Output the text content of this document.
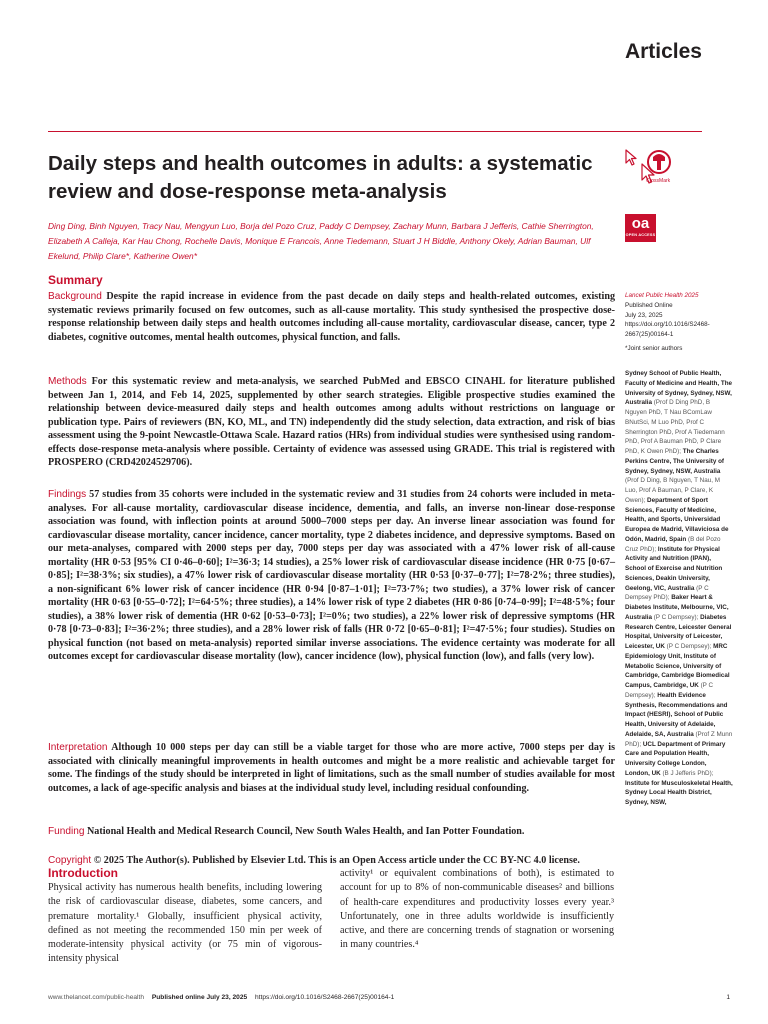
Articles
Daily steps and health outcomes in adults: a systematic review and dose-response meta-analysis
Ding Ding, Binh Nguyen, Tracy Nau, Mengyun Luo, Borja del Pozo Cruz, Paddy C Dempsey, Zachary Munn, Barbara J Jefferis, Cathie Sherrington, Elizabeth A Calleja, Kar Hau Chong, Rochelle Davis, Monique E Francois, Anne Tiedemann, Stuart J H Biddle, Anthony Okely, Adrian Bauman, Ulf Ekelund, Philip Clare*, Katherine Owen*
CrossMark
oa
OPEN ACCESS
Summary

Background Despite the rapid increase in evidence from the past decade on daily steps and health-related outcomes, existing systematic reviews primarily focused on few outcomes, such as all-cause mortality. This study synthesised the prospective dose-response relationship between daily steps and health outcomes including all-cause mortality, cardiovascular disease, cancer, type 2 diabetes, cognitive outcomes, mental health outcomes, physical function, and falls.

Methods For this systematic review and meta-analysis, we searched PubMed and EBSCO CINAHL for literature published between Jan 1, 2014, and Feb 14, 2025, supplemented by other search strategies. Eligible prospective studies examined the relationship between device-measured daily steps and health outcomes among adults without restrictions on language or publication type. Pairs of reviewers (BN, KO, ML, and TN) independently did the study selection, data extraction, and risk of bias assessment using the 9-point Newcastle-Ottawa Scale. Hazard ratios (HRs) from individual studies were synthesised using random-effects dose-response meta-analysis where possible. Certainty of evidence was assessed using GRADE. This trial is registered with PROSPERO (CRD42024529706).

Findings 57 studies from 35 cohorts were included in the systematic review and 31 studies from 24 cohorts were included in meta-analyses. For all-cause mortality, cardiovascular disease incidence, dementia, and falls, an inverse non-linear dose-response association was found, with inflection points at around 5000–7000 steps per day. An inverse linear association was found for cardiovascular disease mortality, cancer incidence, cancer mortality, type 2 diabetes incidence, and depressive symptoms. Based on our meta-analyses, compared with 2000 steps per day, 7000 steps per day was associated with a 47% lower risk of all-cause mortality (HR 0·53 [95% CI 0·46–0·60]; I²=36·3; 14 studies), a 25% lower risk of cardiovascular disease incidence (HR 0·75 [0·67–0·85]; I²=38·3%; six studies), a 47% lower risk of cardiovascular disease mortality (HR 0·53 [0·37–0·77]; I²=78·2%; three studies), a non-significant 6% lower risk of cancer incidence (HR 0·94 [0·87–1·01]; I²=73·7%; two studies), a 37% lower risk of cancer mortality (HR 0·63 [0·55–0·72]; I²=64·5%; three studies), a 14% lower risk of type 2 diabetes (HR 0·86 [0·74–0·99]; I²=48·5%; four studies), a 38% lower risk of dementia (HR 0·62 [0·53–0·73]; I²=0%; two studies), a 22% lower risk of depressive symptoms (HR 0·78 [0·73–0·83]; I²=36·2%; three studies), and a 28% lower risk of falls (HR 0·72 [0·65–0·81]; I²=47·5%; four studies). Studies on physical function (not based on meta-analysis) reported similar inverse associations. The evidence certainty was moderate for all outcomes except for cardiovascular disease mortality (low), cancer incidence (low), physical function (low), and falls (very low).

Interpretation Although 10 000 steps per day can still be a viable target for those who are more active, 7000 steps per day is associated with clinically meaningful improvements in health outcomes and might be a more realistic and achievable target for some. The findings of the study should be interpreted in light of limitations, such as the small number of studies available for most outcomes, a lack of age-specific analysis and biases at the individual study level, including residual confounding.

Funding National Health and Medical Research Council, New South Wales Health, and Ian Potter Foundation.

Copyright © 2025 The Author(s). Published by Elsevier Ltd. This is an Open Access article under the CC BY-NC 4.0 license.

Introduction

Physical activity has numerous health benefits, including lowering the risk of cardiovascular disease, diabetes, some cancers, and premature mortality.¹ Globally, insufficient physical activity, defined as not meeting the recommended 150 min per week of moderate-intensity physical activity (or 75 min of vigorous-intensity physical

activity¹ or equivalent combinations of both), is estimated to account for up to 8% of non-communicable diseases² and billions of health-care expenditures and productivity losses every year.³ Unfortunately, one in three adults worldwide is insufficiently active, and there are concerning trends of stagnation or worsening in many countries.⁴

Lancet Public Health 2025
Published Online
July 23, 2025
https://doi.org/10.1016/S2468-2667(25)00164-1
*Joint senior authors
Sydney School of Public Health, Faculty of Medicine and Health, The University of Sydney, Sydney, NSW, Australia (Prof D Ding PhD, B Nguyen PhD, T Nau BComLaw BNutSci, M Luo PhD, Prof C Sherrington PhD, Prof A Tiedemann PhD, Prof A Bauman PhD, P Clare PhD, K Owen PhD); The Charles Perkins Centre, The University of Sydney, Sydney, NSW, Australia (Prof D Ding, B Nguyen, T Nau, M Luo, Prof A Bauman, P Clare, K Owen); Department of Sport Sciences, Faculty of Medicine, Health, and Sports, Universidad Europea de Madrid, Villaviciosa de Odón, Madrid, Spain (B del Pozo Cruz PhD); Institute for Physical Activity and Nutrition (IPAN), School of Exercise and Nutrition Sciences, Deakin University, Geelong, VIC, Australia (P C Dempsey PhD); Baker Heart & Diabetes Institute, Melbourne, VIC, Australia (P C Dempsey); Diabetes Research Centre, Leicester General Hospital, University of Leicester, Leicester, UK (P C Dempsey); MRC Epidemiology Unit, Institute of Metabolic Science, University of Cambridge, Cambridge Biomedical Campus, Cambridge, UK (P C Dempsey); Health Evidence Synthesis, Recommendations and Impact (HESRI), School of Public Health, University of Adelaide, Adelaide, SA, Australia (Prof Z Munn PhD); UCL Department of Primary Care and Population Health, University College London, London, UK (B J Jefferis PhD); Institute for Musculoskeletal Health, Sydney Local Health District, Sydney, NSW,
www.thelancet.com/public-health Published online July 23, 2025 https://doi.org/10.1016/S2468-2667(25)00164-1	1
